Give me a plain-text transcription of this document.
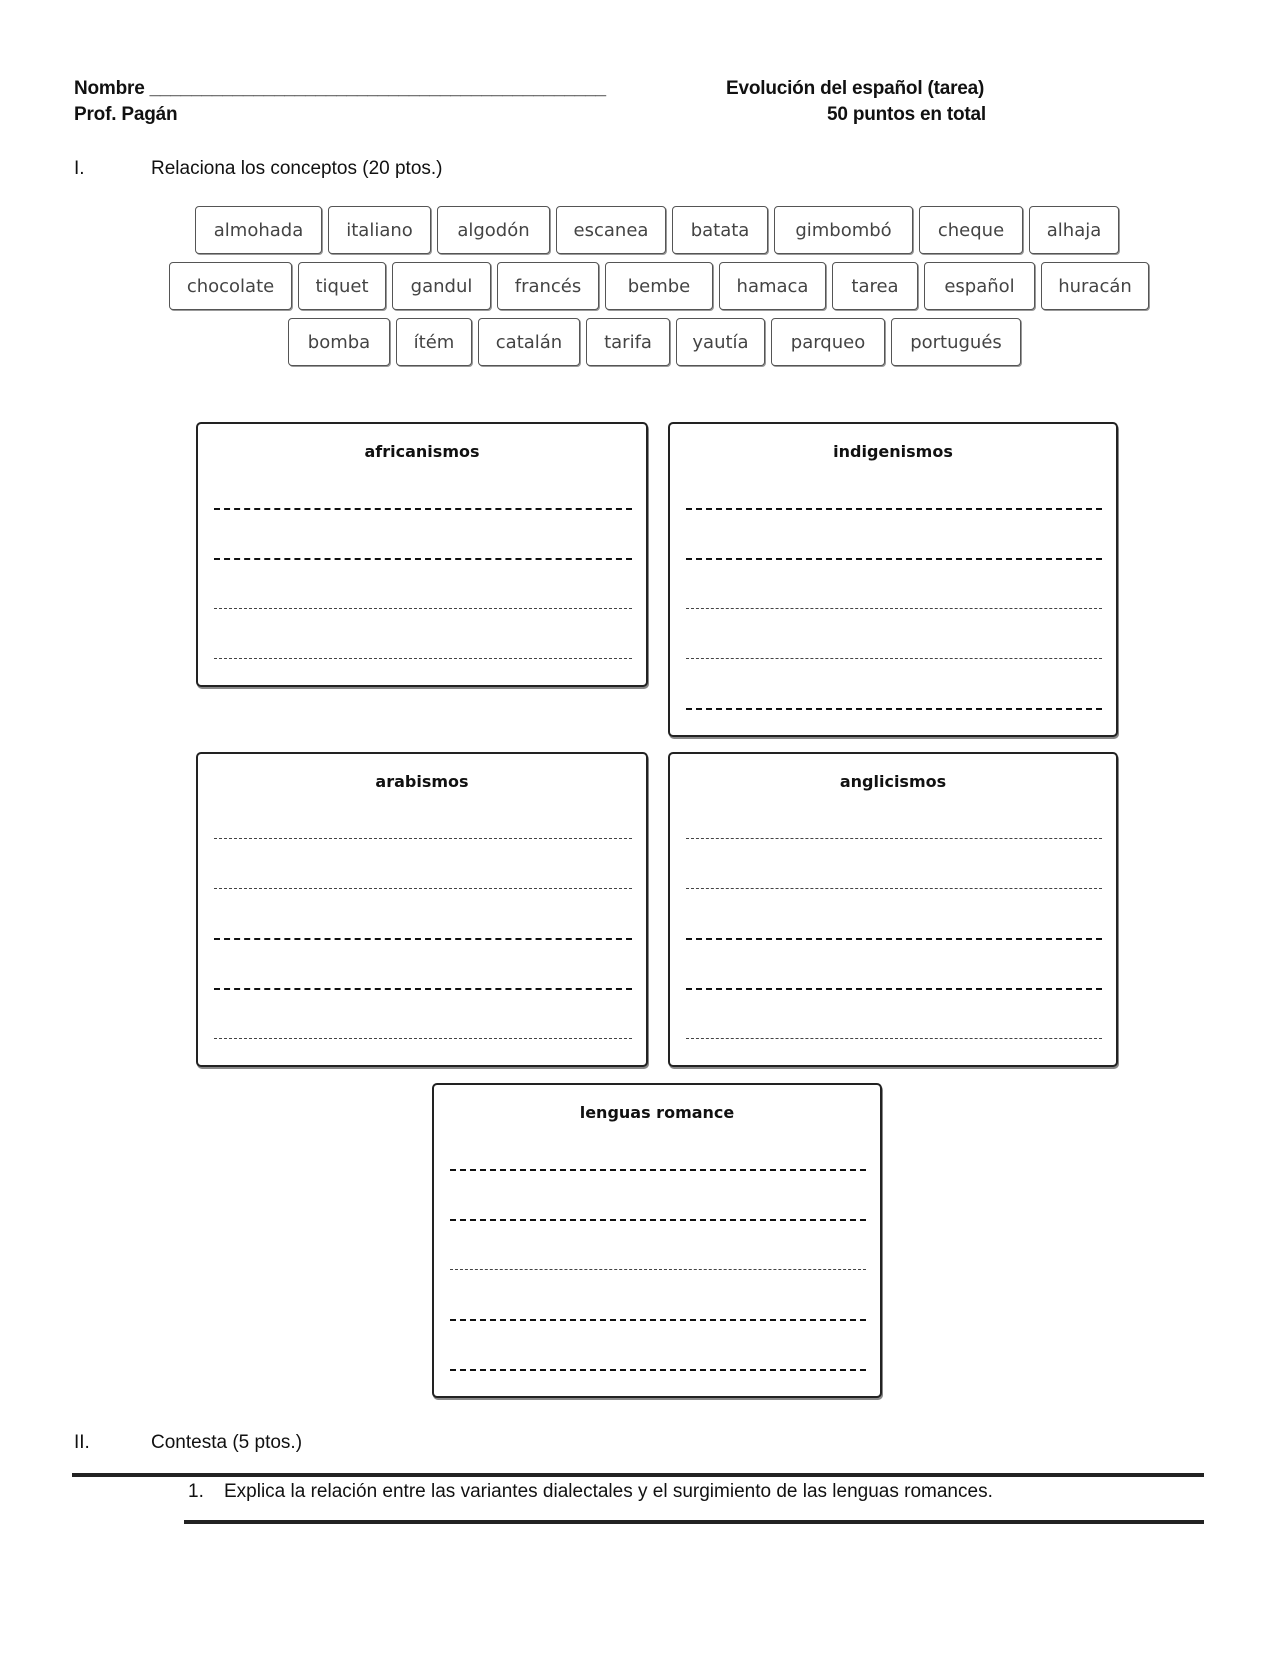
Nombre ____________________________________________
Prof. Pagán
Evolución del español (tarea)
50 puntos en total
I.	Relaciona los conceptos (20 ptos.)
almohada	italiano	algodón	escanea	batata	gimbombó	cheque	alhaja
chocolate	tiquet	gandul	francés	bembe	hamaca	tarea	español	huracán
bomba	ítém	catalán	tarifa	yautía	parqueo	portugués
africanismos	indigenismos
arabismos	anglicismos
lenguas romance
II.	Contesta (5 ptos.)
1. Explica la relación entre las variantes dialectales y el surgimiento de las lenguas romances.
